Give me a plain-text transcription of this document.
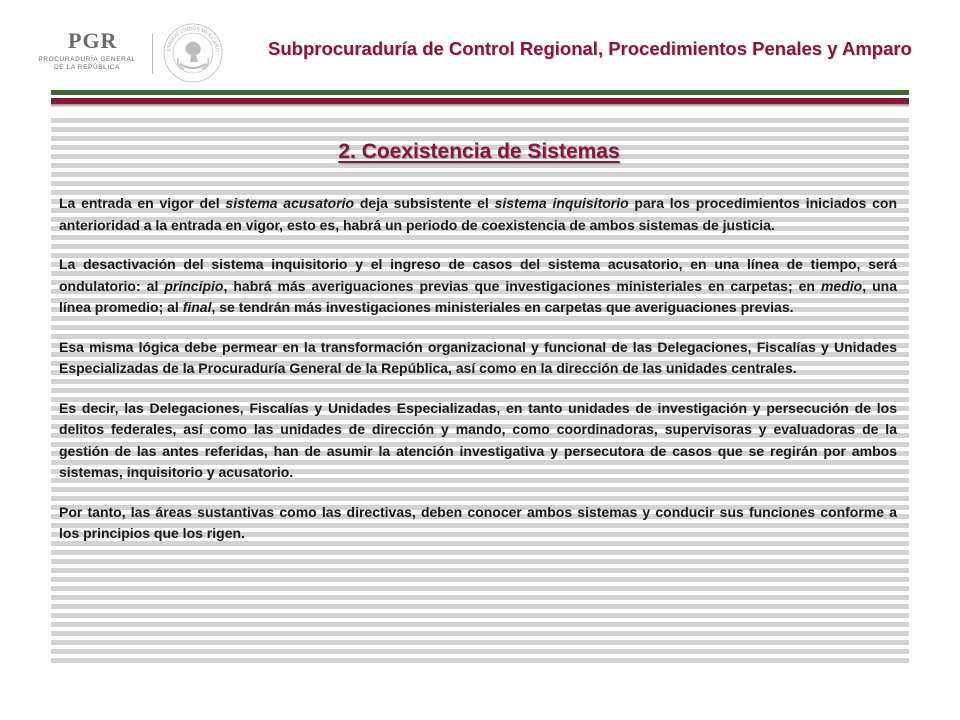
PGR
PROCURADURÍA GENERAL
DE LA REPÚBLICA
STADOS UNIDOS MEXICANO	Subprocuraduría de Control Regional, Procedimientos Penales y Amparo
2. Coexistencia de Sistemas

La entrada en vigor del sistema acusatorio deja subsistente el sistema inquisitorio para los procedimientos iniciados con anterioridad a la entrada en vigor, esto es, habrá un periodo de coexistencia de ambos sistemas de justicia.

La desactivación del sistema inquisitorio y el ingreso de casos del sistema acusatorio, en una línea de tiempo, será ondulatorio: al principio, habrá más averiguaciones previas que investigaciones ministeriales en carpetas; en medio, una línea promedio; al final, se tendrán más investigaciones ministeriales en carpetas que averiguaciones previas.

Esa misma lógica debe permear en la transformación organizacional y funcional de las Delegaciones, Fiscalías y Unidades Especializadas de la Procuraduría General de la República, así como en la dirección de las unidades centrales.

Es decir, las Delegaciones, Fiscalías y Unidades Especializadas, en tanto unidades de investigación y persecución de los delitos federales, así como las unidades de dirección y mando, como coordinadoras, supervisoras y evaluadoras de la gestión de las antes referidas, han de asumir la atención investigativa y persecutora de casos que se regirán por ambos sistemas, inquisitorio y acusatorio.

Por tanto, las áreas sustantivas como las directivas, deben conocer ambos sistemas y conducir sus funciones conforme a los principios que los rigen.
